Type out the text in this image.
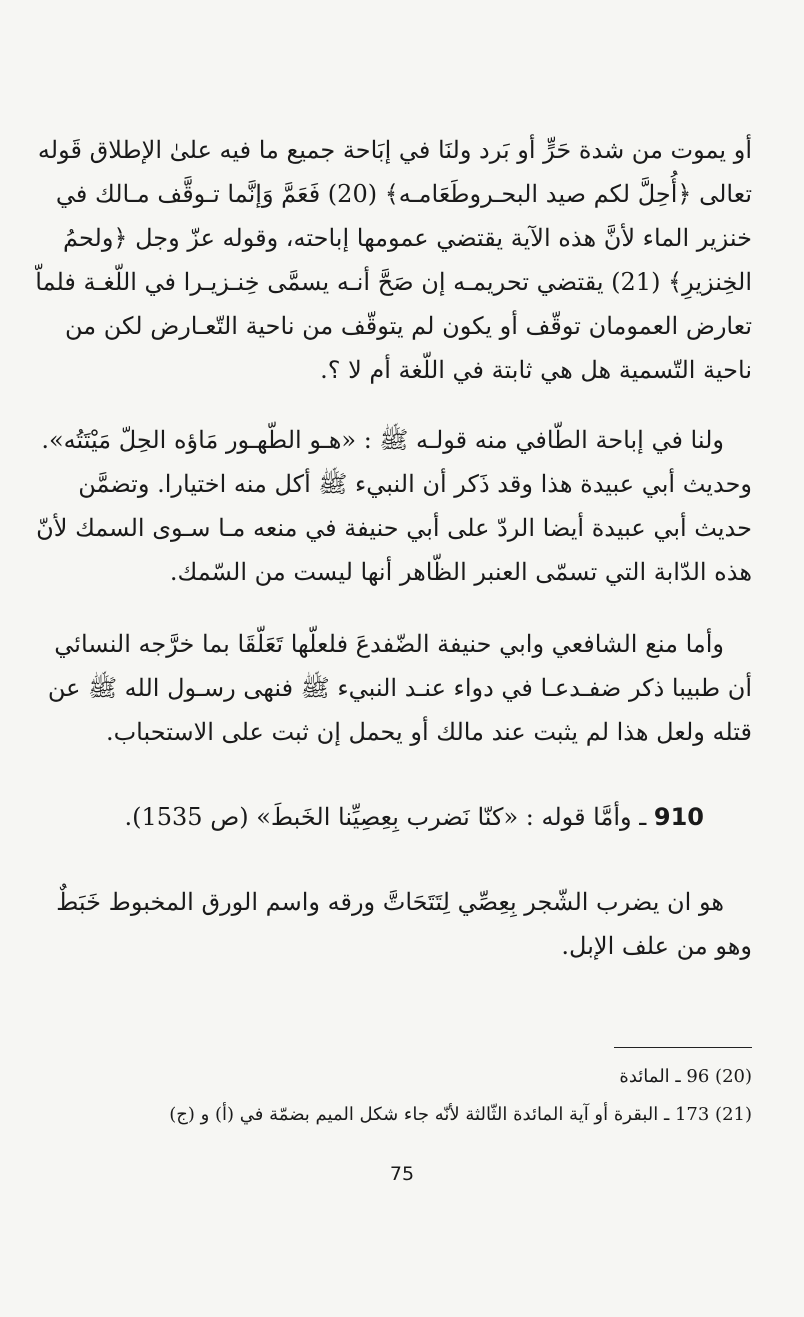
أو يموت من شدة حَرٍّ أو بَرد ولنَا في إبَاحة جميع ما فيه علىٰ الإطلاق قَوله
تعالى ﴿أُحِلَّ لكم صيد البحـروطَعَامـه﴾ (20) فَعَمَّ وَإنَّما تـوقَّف مـالك في
خنزير الماء لأنَّ هذه الآية يقتضي عمومها إباحته، وقوله عزّ وجل ﴿ولحمُ
الخِنزيرِ﴾ (21) يقتضي تحريمـه إن صَحَّ أنـه يسمَّى خِنـزيـرا في اللّغـة فلماّ
تعارض العمومان توقّف أو يكون لم يتوقّف من ناحية التّعـارض لكن من
ناحية التّسمية هل هي ثابتة في اللّغة أم لا ؟.
ولنا في إباحة الطّافي منه قولـه ﷺ : «هـو الطّهـور مَاؤه الحِلّ مَيْتَتُه».
وحديث أبي عبيدة هذا وقد ذَكر أن النبيء ﷺ أكل منه اختيارا. وتضمَّن
حديث أبي عبيدة أيضا الردّ على أبي حنيفة في منعه مـا سـوى السمك لأنّ
هذه الدّابة التي تسمّى العنبر الظّاهر أنها ليست من السّمك.
وأما منع الشافعي وابي حنيفة الضّفدعَ فلعلّها تَعَلّقَا بما خرَّجه النسائي
أن طبيبا ذكر ضفـدعـا في دواء عنـد النبيء ﷺ فنهى رسـول الله ﷺ عن
قتله ولعل هذا لم يثبت عند مالك أو يحمل إن ثبت على الاستحباب.
910 ـ وأمَّا قوله : «كنّا نَضرب بِعِصِيِّنا الخَبطَ» (ص 1535).
هو ان يضرب الشّجر بِعِصِّي لِتَتَحَاتَّ ورقه واسم الورق المخبوط خَبَطٌ
وهو من علف الإبل.
(20) 96 ـ المائدة
(21) 173 ـ البقرة أو آية المائدة الثّالثة لأنّه جاء شكل الميم بضمّة في (أ) و (ج)
75
